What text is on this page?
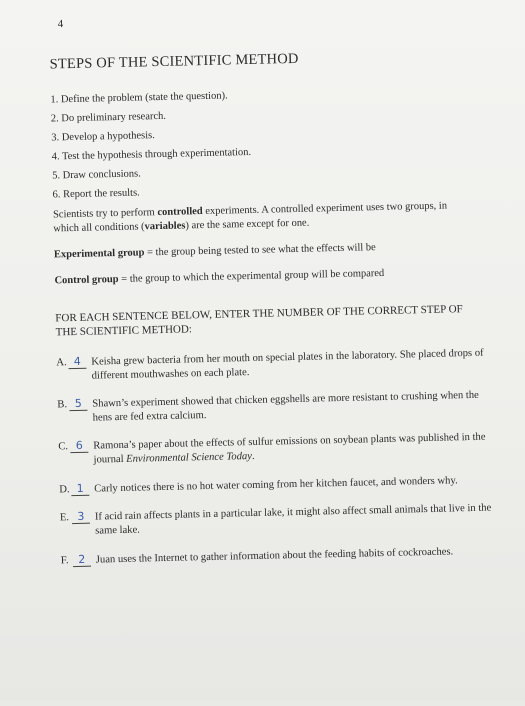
4
STEPS OF THE SCIENTIFIC METHOD
1. Define the problem (state the question).
2. Do preliminary research.
3. Develop a hypothesis.
4. Test the hypothesis through experimentation.
5. Draw conclusions.
6. Report the results.
Scientists try to perform controlled experiments. A controlled experiment uses two groups, in which all conditions (variables) are the same except for one.
Experimental group = the group being tested to see what the effects will be
Control group = the group to which the experimental group will be compared
FOR EACH SENTENCE BELOW, ENTER THE NUMBER OF THE CORRECT STEP OF THE SCIENTIFIC METHOD:
A. 4 Keisha grew bacteria from her mouth on special plates in the laboratory. She placed drops of different mouthwashes on each plate.
B. 5 Shawn’s experiment showed that chicken eggshells are more resistant to crushing when the hens are fed extra calcium.
C. 6 Ramona’s paper about the effects of sulfur emissions on soybean plants was published in the journal Environmental Science Today.
D. 1 Carly notices there is no hot water coming from her kitchen faucet, and wonders why.
E. 3 If acid rain affects plants in a particular lake, it might also affect small animals that live in the same lake.
F. 2 Juan uses the Internet to gather information about the feeding habits of cockroaches.
